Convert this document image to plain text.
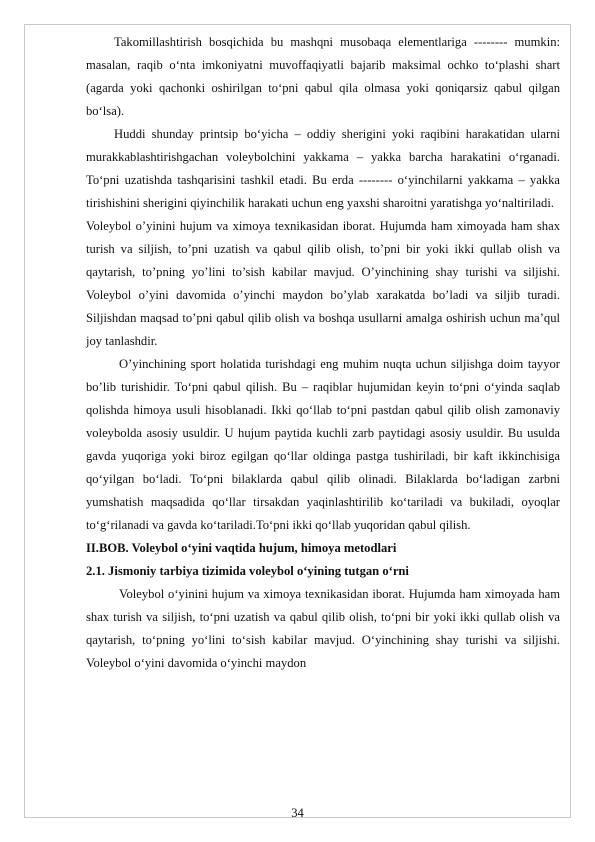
Takomillashtirish bosqichida bu mashqni musobaqa elementlariga -------- mumkin: masalan, raqib o‘nta imkoniyatni muvoffaqiyatli bajarib maksimal ochko to‘plashi shart (agarda yoki qachonki oshirilgan to‘pni qabul qila olmasa yoki qoniqarsiz qabul qilgan bo‘lsa).

Huddi shunday printsip bo‘yicha – oddiy sherigini yoki raqibini harakatidan ularni murakkablashtirishgachan voleybolchini yakkama – yakka barcha harakatini o‘rganadi. To‘pni uzatishda tashqarisini tashkil etadi. Bu erda -------- o‘yinchilarni yakkama – yakka tirishishini sherigini qiyinchilik harakati uchun eng yaxshi sharoitni yaratishga yo‘naltiriladi.

Voleybol o’yinini hujum va ximoya texnikasidan iborat. Hujumda ham ximoyada ham shax turish va siljish, to’pni uzatish va qabul qilib olish, to’pni bir yoki ikki qullab olish va qaytarish, to’pning yo’lini to’sish kabilar mavjud. O’yinchining shay turishi va siljishi. Voleybol o’yini davomida o’yinchi maydon bo’ylab xarakatda bo’ladi va siljib turadi. Siljishdan maqsad to’pni qabul qilib olish va boshqa usullarni amalga oshirish uchun ma’qul joy tanlashdir.

O’yinchining sport holatida turishdagi eng muhim nuqta uchun siljishga doim tayyor bo’lib turishidir. To‘pni qabul qilish. Bu – raqiblar hujumidan keyin to‘pni o‘yinda saqlab qolishda himoya usuli hisoblanadi. Ikki qo‘llab to‘pni pastdan qabul qilib olish zamonaviy voleybolda asosiy usuldir. U hujum paytida kuchli zarb paytidagi asosiy usuldir. Bu usulda gavda yuqoriga yoki biroz egilgan qo‘llar oldinga pastga tushiriladi, bir kaft ikkinchisiga qo‘yilgan bo‘ladi. To‘pni bilaklarda qabul qilib olinadi. Bilaklarda bo‘ladigan zarbni yumshatish maqsadida qo‘llar tirsakdan yaqinlashtirilib ko‘tariladi va bukiladi, oyoqlar to‘g‘rilanadi va gavda ko‘tariladi.To‘pni ikki qo‘llab yuqoridan qabul qilish.

II.BOB. Voleybol o‘yini vaqtida hujum, himoya metodlari

2.1. Jismoniy tarbiya tizimida voleybol o‘yining tutgan o‘rni

Voleybol o‘yinini hujum va ximoya texnikasidan iborat. Hujumda ham ximoyada ham shax turish va siljish, to‘pni uzatish va qabul qilib olish, to‘pni bir yoki ikki qullab olish va qaytarish, to‘pning yo‘lini to‘sish kabilar mavjud. O‘yinchining shay turishi va siljishi. Voleybol o‘yini davomida o‘yinchi maydon

34
